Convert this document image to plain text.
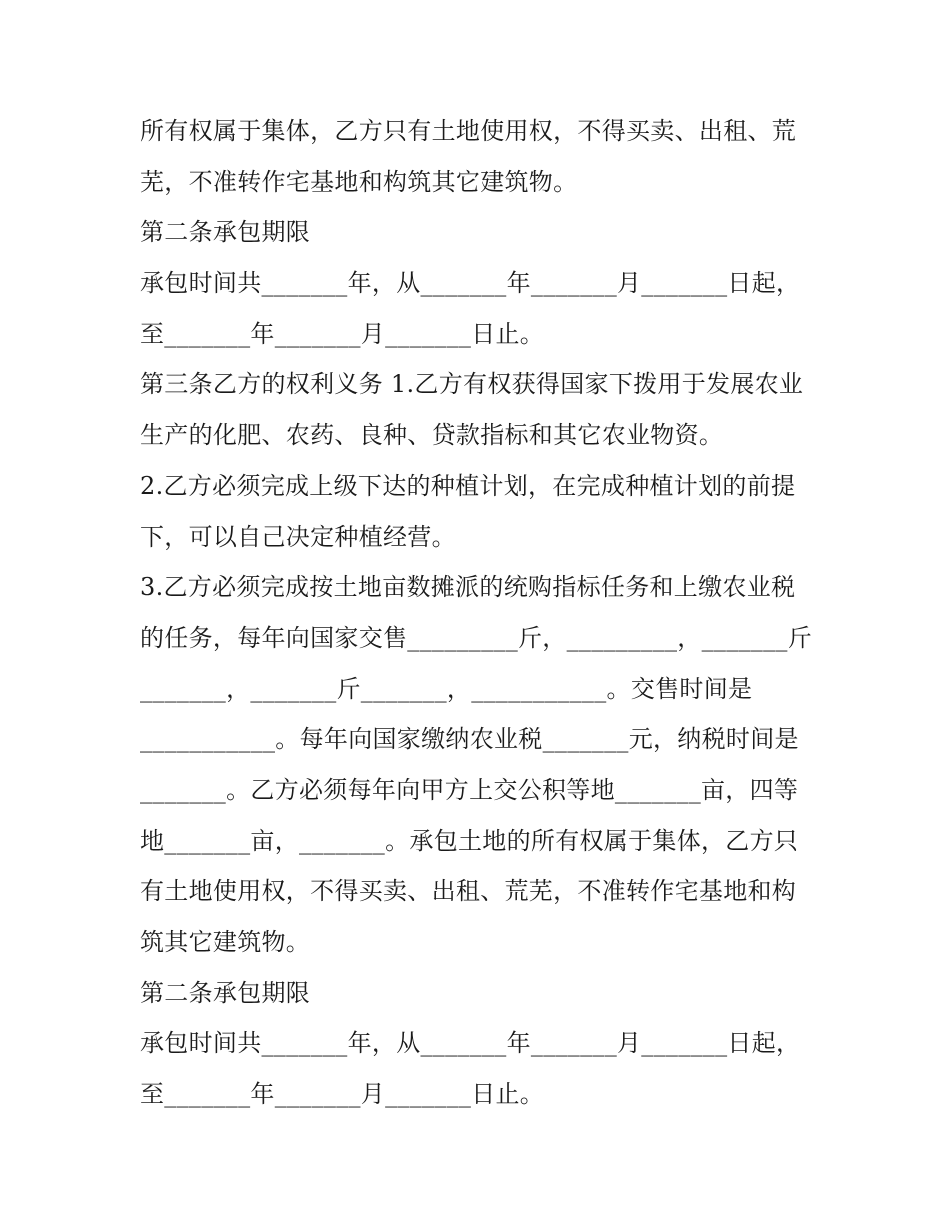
所有权属于集体，乙方只有土地使用权，不得买卖、出租、荒
芜，不准转作宅基地和构筑其它建筑物。
第二条承包期限
承包时间共_______年，从_______年_______月_______日起，
至_______年_______月_______日止。
第三条乙方的权利义务 1.乙方有权获得国家下拨用于发展农业
生产的化肥、农药、良种、贷款指标和其它农业物资。
2.乙方必须完成上级下达的种植计划，在完成种植计划的前提
下，可以自己决定种植经营。
3.乙方必须完成按土地亩数摊派的统购指标任务和上缴农业税
的任务，每年向国家交售_________斤，_________，_______斤
_______，_______斤_______，___________。交售时间是
___________。每年向国家缴纳农业税_______元，纳税时间是
_______。乙方必须每年向甲方上交公积等地_______亩，四等
地_______亩，_______。承包土地的所有权属于集体，乙方只
有土地使用权，不得买卖、出租、荒芜，不准转作宅基地和构
筑其它建筑物。
第二条承包期限
承包时间共_______年，从_______年_______月_______日起，
至_______年_______月_______日止。
